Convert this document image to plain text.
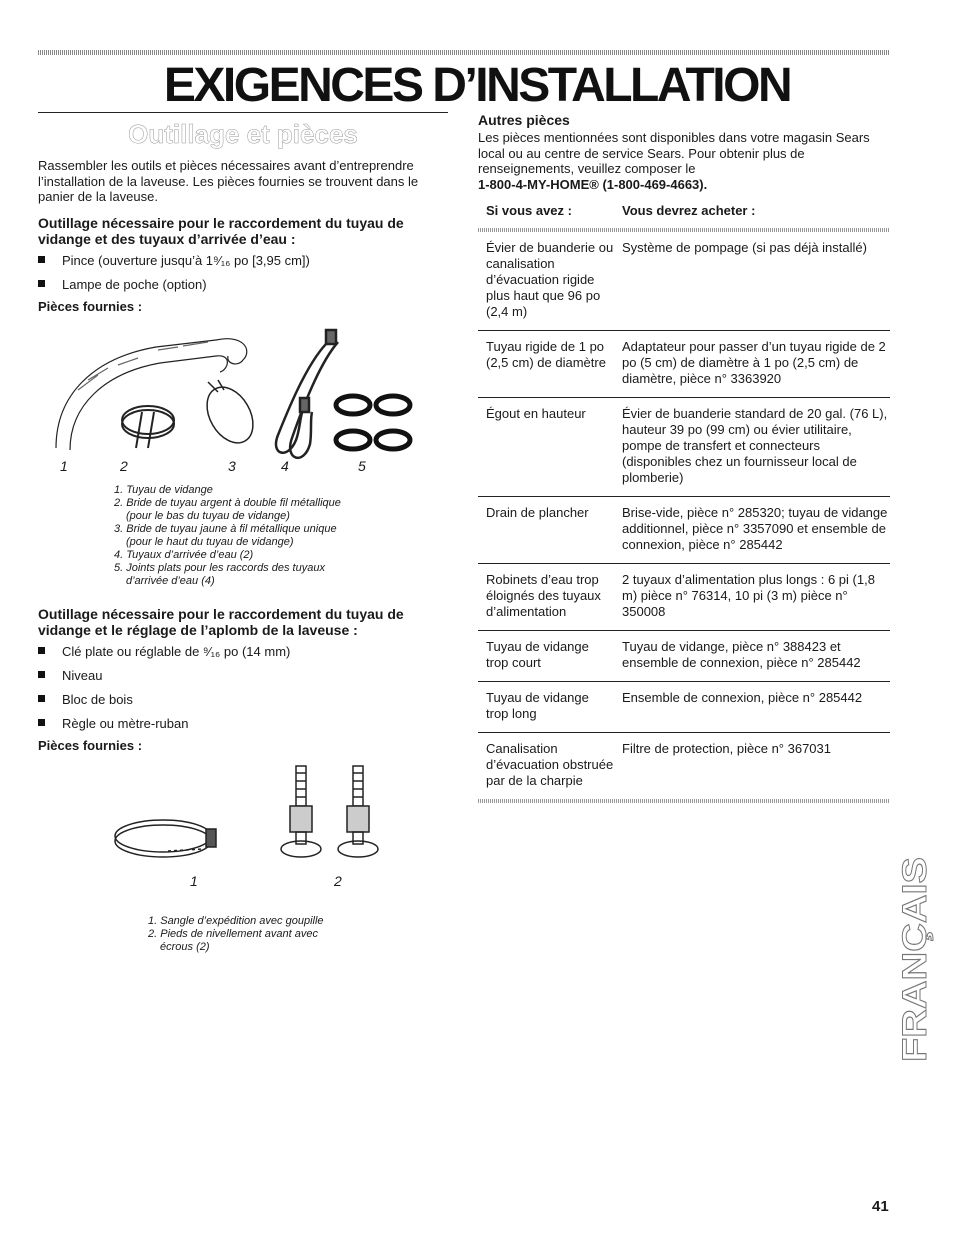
EXIGENCES D’INSTALLATION
Outillage et pièces

Rassembler les outils et pièces nécessaires avant d’entreprendre l’installation de la laveuse. Les pièces fournies se trouvent dans le panier de la laveuse.

Outillage nécessaire pour le raccordement du tuyau de vidange et des tuyaux d’arrivée d’eau :
Pince (ouverture jusqu’à 1⁹⁄₁₆ po [3,95 cm])
Lampe de poche (option)
Pièces fournies :
1	2	3	4	5
1. Tuyau de vidange
2. Bride de tuyau argent à double fil métallique
(pour le bas du tuyau de vidange)
3. Bride de tuyau jaune à fil métallique unique
(pour le haut du tuyau de vidange)
4. Tuyaux d’arrivée d’eau (2)
5. Joints plats pour les raccords des tuyaux
d’arrivée d’eau (4)
Outillage nécessaire pour le raccordement du tuyau de vidange et le réglage de l’aplomb de la laveuse :
Clé plate ou réglable de ⁹⁄₁₆ po (14 mm)
Niveau
Bloc de bois
Règle ou mètre-ruban
Pièces fournies :
1	2
1. Sangle d’expédition avec goupille
2. Pieds de nivellement avant avec
écrous (2)
Autres pièces

Les pièces mentionnées sont disponibles dans votre magasin Sears local ou au centre de service Sears. Pour obtenir plus de renseignements, veuillez composer le

1-800-4-MY-HOME® (1-800-469-4663).
Si vous avez :	Vous devrez acheter :

Évier de buanderie ou canalisation d’évacuation rigide plus haut que 96 po (2,4 m)	Système de pompage (si pas déjà installé)
Tuyau rigide de 1 po (2,5 cm) de diamètre	Adaptateur pour passer d’un tuyau rigide de 2 po (5 cm) de diamètre à 1 po (2,5 cm) de diamètre, pièce n° 3363920
Égout en hauteur	Évier de buanderie standard de 20 gal. (76 L), hauteur 39 po (99 cm) ou évier utilitaire, pompe de transfert et connecteurs (disponibles chez un fournisseur local de plomberie)
Drain de plancher	Brise-vide, pièce n° 285320; tuyau de vidange additionnel, pièce n° 3357090 et ensemble de connexion, pièce n° 285442
Robinets d’eau trop éloignés des tuyaux d’alimentation	2 tuyaux d’alimentation plus longs : 6 pi (1,8 m) pièce n° 76314, 10 pi (3 m) pièce n° 350008
Tuyau de vidange trop court	Tuyau de vidange, pièce n° 388423 et ensemble de connexion, pièce n° 285442
Tuyau de vidange trop long	Ensemble de connexion, pièce n° 285442
Canalisation d’évacuation obstruée par de la charpie	Filtre de protection, pièce n° 367031

FRANÇAIS
41
